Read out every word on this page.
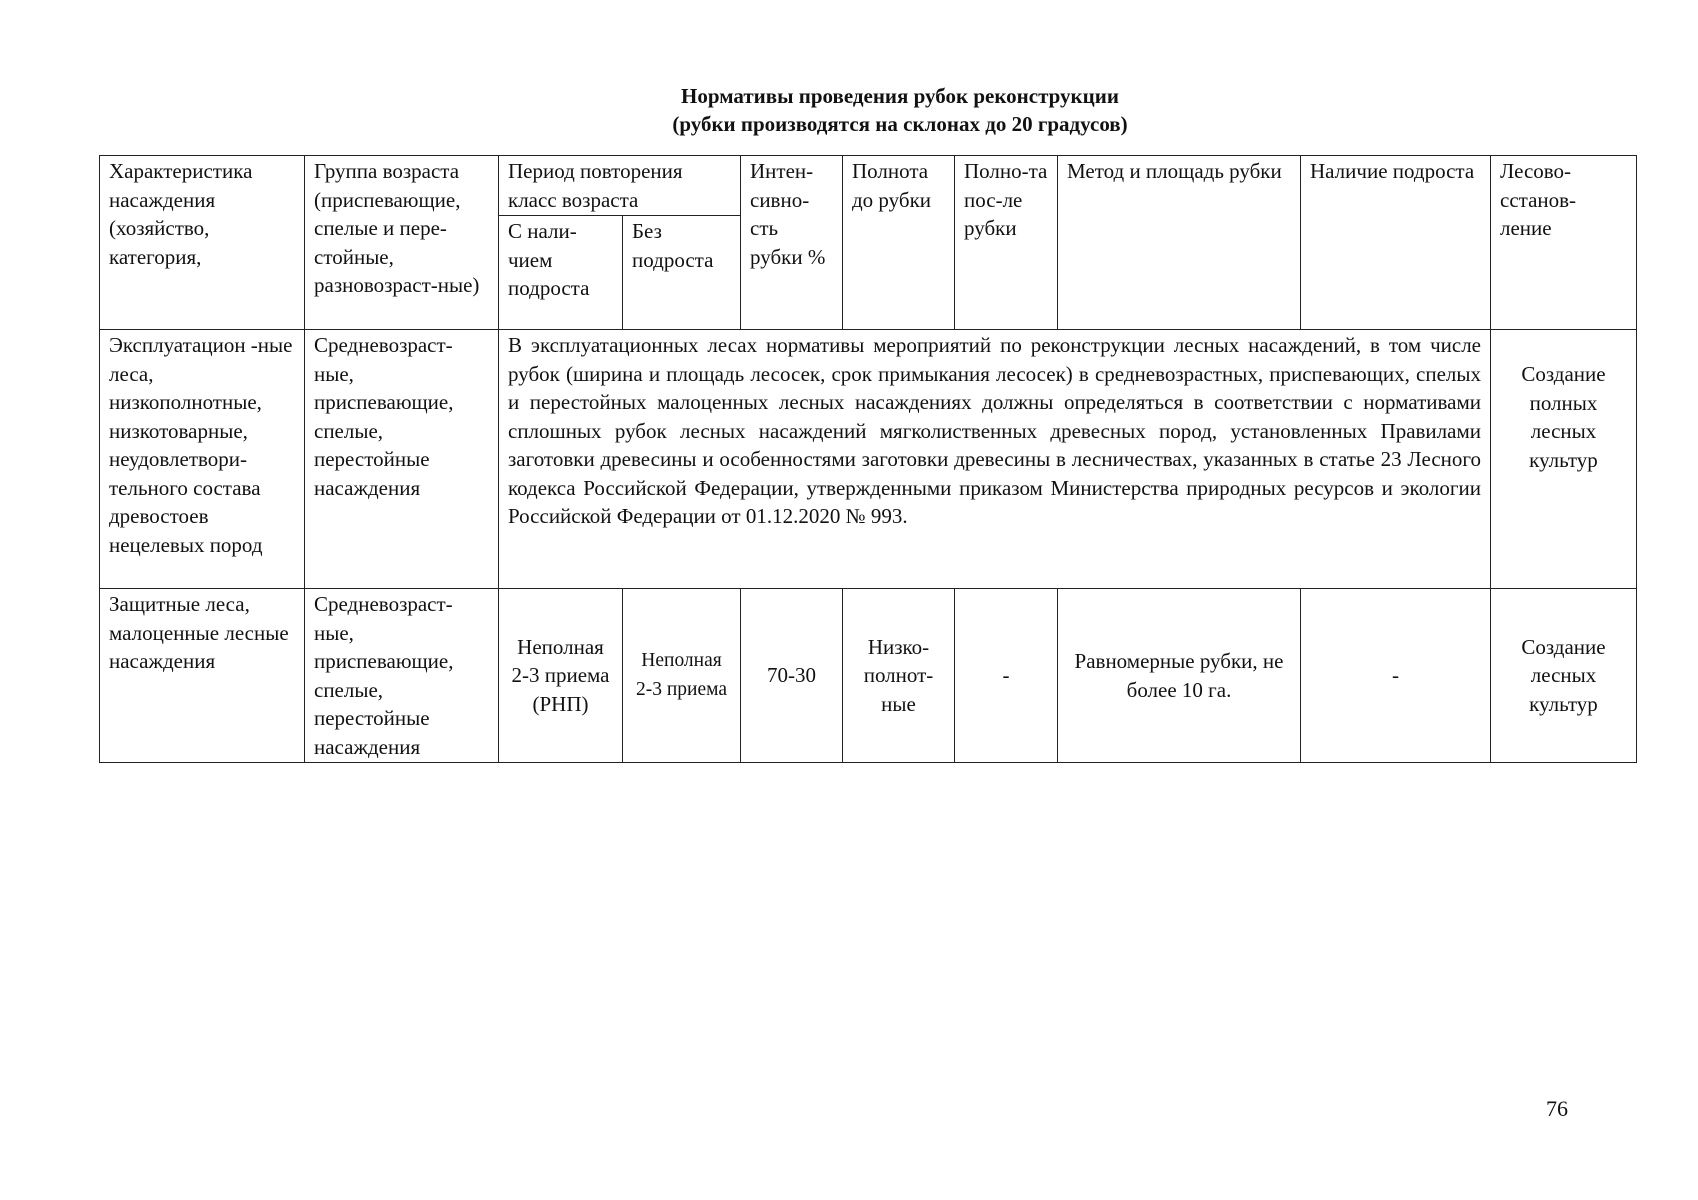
Нормативы проведения рубок реконструкции
(рубки производятся на склонах до 20 градусов)
Характеристика насаждения (хозяйство, категория,	Группа возраста (приспевающие, спелые и пере-стойные, разновозраст-ные)	Период повторения класс возраста		Интен-сивно-сть рубки %	Полнота до рубки	Полно-та пос-ле рубки	Метод и площадь рубки	Наличие подроста	Лесово-сстанов-ление
		С нали-чием подроста	Без подроста						
Эксплуатацион -ные леса, низкополнотные, низкотоварные, неудовлетвори-тельного состава древостоев нецелевых пород	Средневозраст-ные, приспевающие, спелые, перестойные насаждения	В эксплуатационных лесах нормативы мероприятий по реконструкции лесных насаждений, в том числе рубок (ширина и площадь лесосек, срок примыкания лесосек) в средневозрастных, приспевающих, спелых и перестойных малоценных лесных насаждениях должны определяться в соответствии с нормативами сплошных рубок лесных насаждений мягколиственных древесных пород, установленных Правилами заготовки древесины и особенностями заготовки древесины в лесничествах, указанных в статье 23 Лесного кодекса Российской Федерации, утвержденными приказом Министерства природных ресурсов и экологии Российской Федерации от 01.12.2020 № 993.							Создание полных лесных культур
Защитные леса, малоценные лесные насаждения	Средневозраст-ные, приспевающие, спелые, перестойные насаждения	Неполная 2-3 приема (РНП)	Неполная 2-3 приема	70-30	Низко-полнот-ные	-	Равномерные рубки, не более 10 га.	-	Создание лесных культур
76
